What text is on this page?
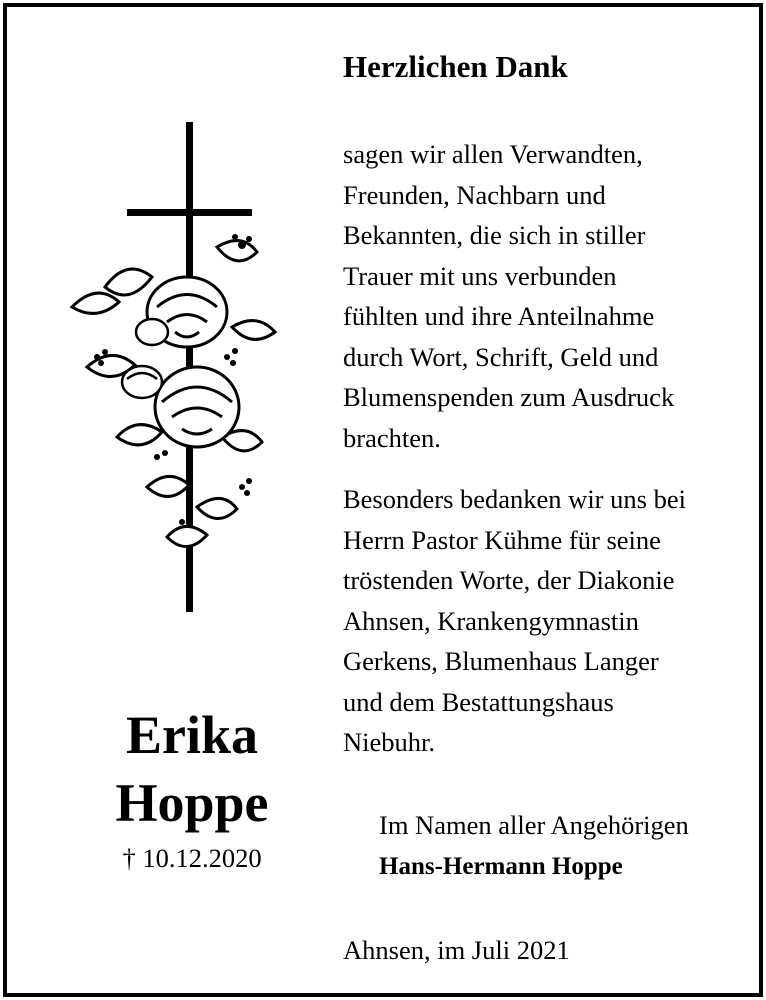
Herzlichen Dank
sagen wir allen Verwandten,
Freunden, Nachbarn und
Bekannten, die sich in stiller
Trauer mit uns verbunden
fühlten und ihre Anteilnahme
durch Wort, Schrift, Geld und
Blumenspenden zum Ausdruck
brachten.
Besonders bedanken wir uns bei
Herrn Pastor Kühme für seine
tröstenden Worte, der Diakonie
Ahnsen, Krankengymnastin
Gerkens, Blumenhaus Langer
und dem Bestattungshaus
Niebuhr.
Im Namen aller Angehörigen
Hans-Hermann Hoppe
Ahnsen, im Juli 2021
Erika
Hoppe
† 10.12.2020
